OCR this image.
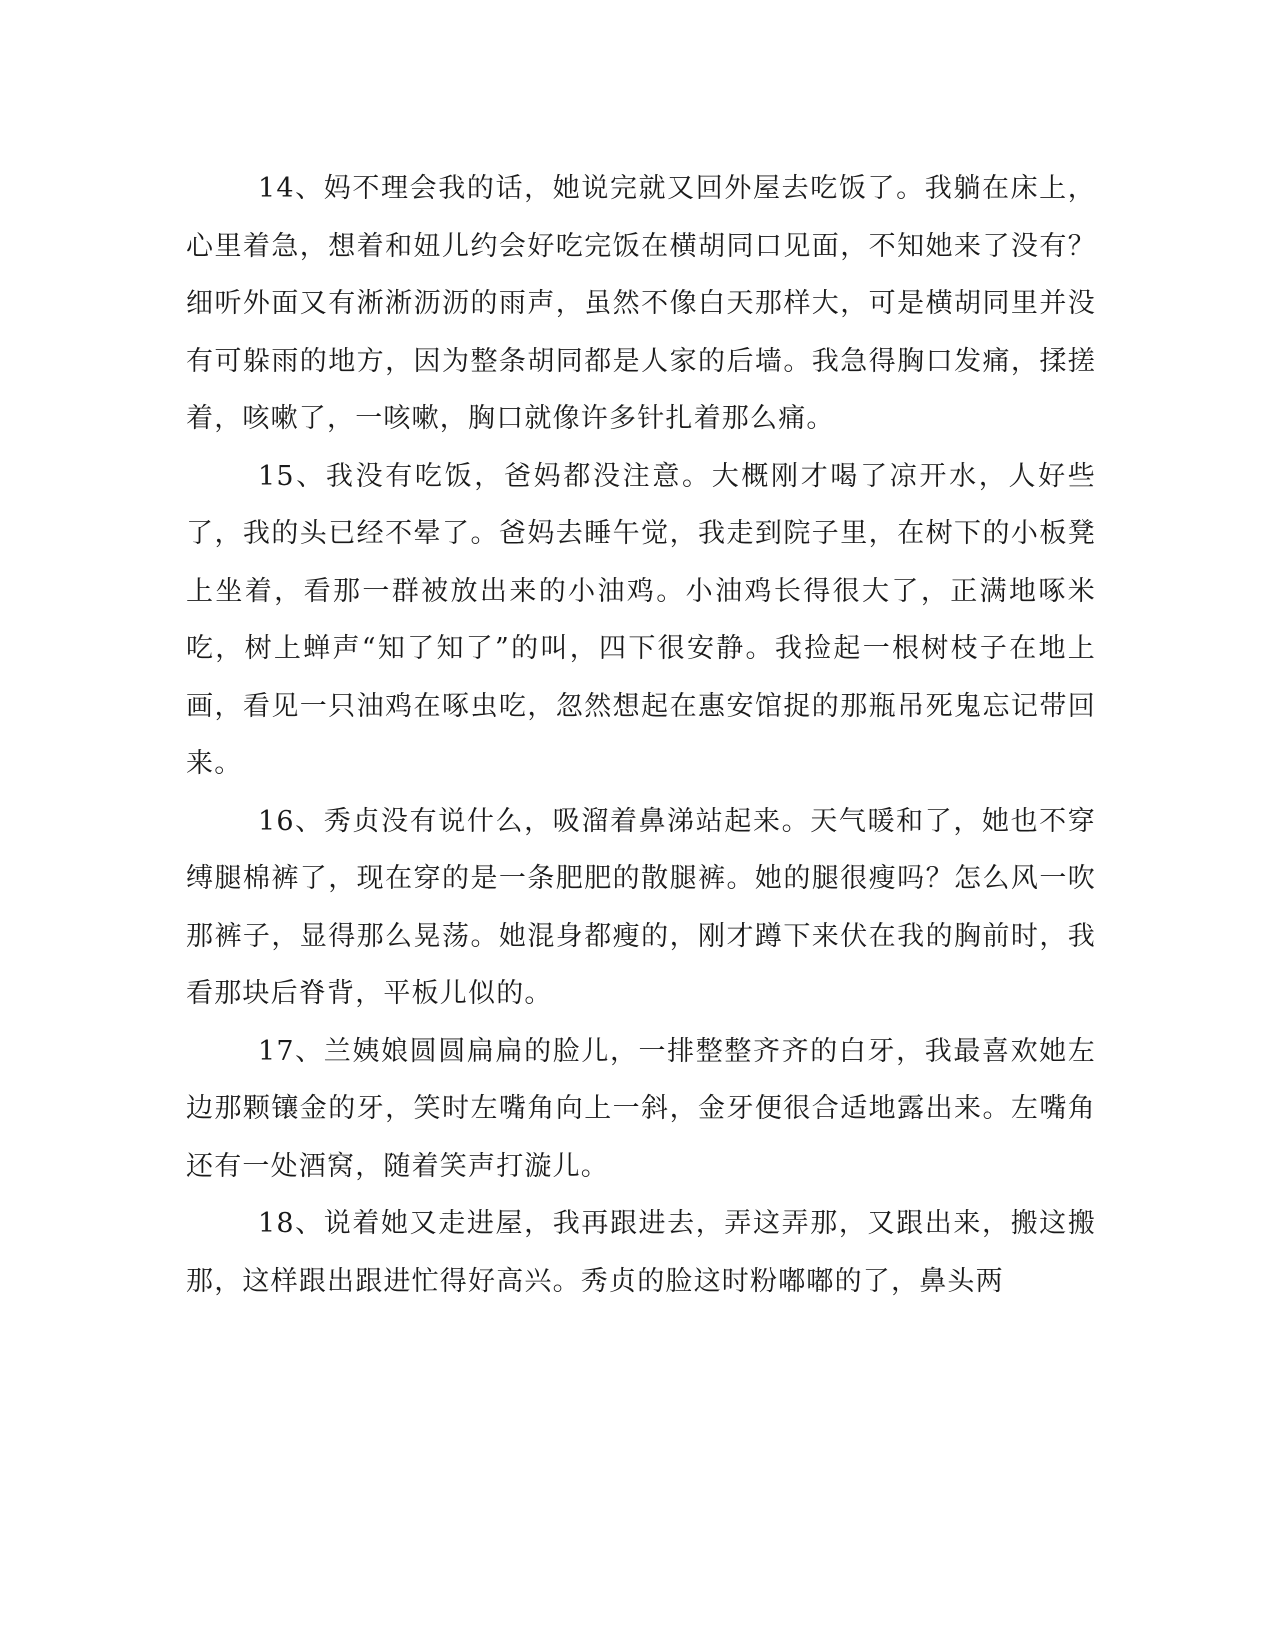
14、妈不理会我的话，她说完就又回外屋去吃饭了。我躺在床上，心里着急，想着和妞儿约会好吃完饭在横胡同口见面，不知她来了没有？细听外面又有淅淅沥沥的雨声，虽然不像白天那样大，可是横胡同里并没有可躲雨的地方，因为整条胡同都是人家的后墙。我急得胸口发痛，揉搓着，咳嗽了，一咳嗽，胸口就像许多针扎着那么痛。

15、我没有吃饭，爸妈都没注意。大概刚才喝了凉开水，人好些了，我的头已经不晕了。爸妈去睡午觉，我走到院子里，在树下的小板凳上坐着，看那一群被放出来的小油鸡。小油鸡长得很大了，正满地啄米吃，树上蝉声“知了知了”的叫，四下很安静。我捡起一根树枝子在地上画，看见一只油鸡在啄虫吃，忽然想起在惠安馆捉的那瓶吊死鬼忘记带回来。

16、秀贞没有说什么，吸溜着鼻涕站起来。天气暖和了，她也不穿缚腿棉裤了，现在穿的是一条肥肥的散腿裤。她的腿很瘦吗？怎么风一吹那裤子，显得那么晃荡。她混身都瘦的，刚才蹲下来伏在我的胸前时，我看那块后脊背，平板儿似的。

17、兰姨娘圆圆扁扁的脸儿，一排整整齐齐的白牙，我最喜欢她左边那颗镶金的牙，笑时左嘴角向上一斜，金牙便很合适地露出来。左嘴角还有一处酒窝，随着笑声打漩儿。

18、说着她又走进屋，我再跟进去，弄这弄那，又跟出来，搬这搬那，这样跟出跟进忙得好高兴。秀贞的脸这时粉嘟嘟的了，鼻头两
